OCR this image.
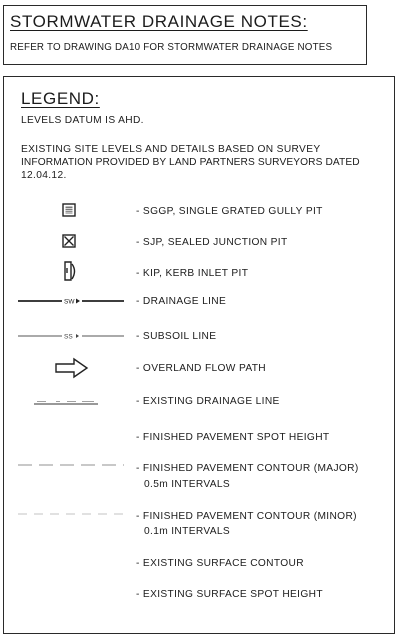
STORMWATER DRAINAGE NOTES:
REFER TO DRAWING DA10 FOR STORMWATER DRAINAGE NOTES
LEGEND:
LEVELS DATUM IS AHD.
EXISTING SITE LEVELS AND DETAILS BASED ON SURVEY
INFORMATION PROVIDED BY LAND PARTNERS SURVEYORS DATED
12.04.12.
SW
SS
- SGGP, SINGLE GRATED GULLY PIT
- SJP, SEALED JUNCTION PIT
- KIP, KERB INLET PIT
- DRAINAGE LINE
- SUBSOIL LINE
- OVERLAND FLOW PATH
- EXISTING DRAINAGE LINE
- FINISHED PAVEMENT SPOT HEIGHT
- FINISHED PAVEMENT CONTOUR (MAJOR)
0.5m INTERVALS
- FINISHED PAVEMENT CONTOUR (MINOR)
0.1m INTERVALS
- EXISTING SURFACE CONTOUR
- EXISTING SURFACE SPOT HEIGHT
